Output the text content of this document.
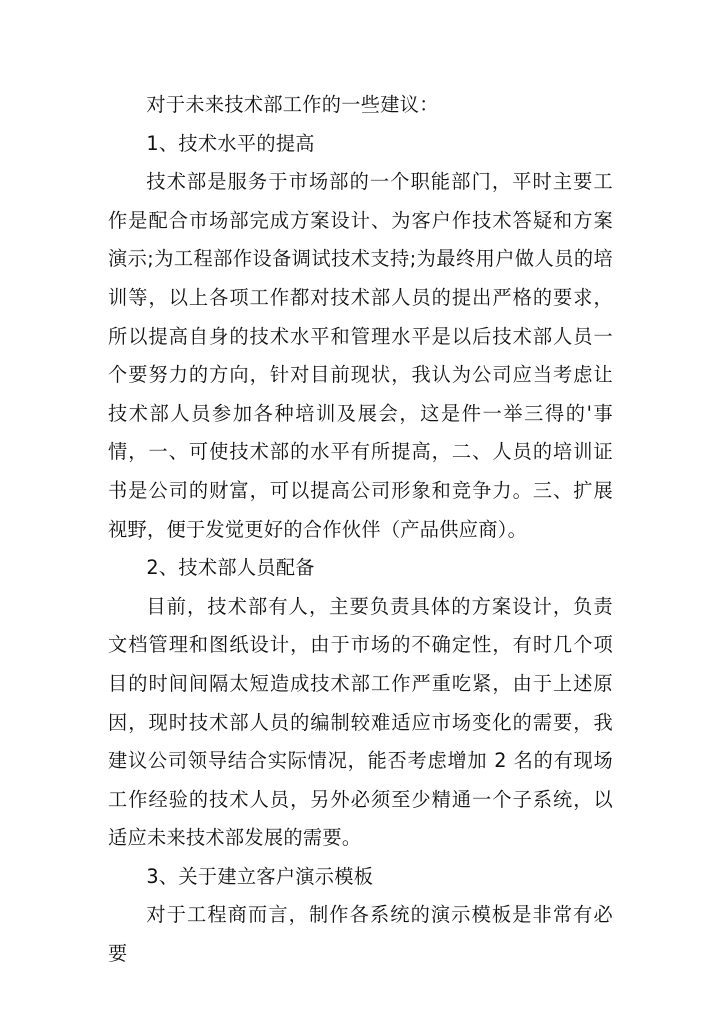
对于未来技术部工作的一些建议：

1、技术水平的提高

技术部是服务于市场部的一个职能部门，平时主要工作是配合市场部完成方案设计、为客户作技术答疑和方案演示;为工程部作设备调试技术支持;为最终用户做人员的培训等，以上各项工作都对技术部人员的提出严格的要求，所以提高自身的技术水平和管理水平是以后技术部人员一个要努力的方向，针对目前现状，我认为公司应当考虑让技术部人员参加各种培训及展会，这是件一举三得的'事情，一、可使技术部的水平有所提高，二、人员的培训证书是公司的财富，可以提高公司形象和竞争力。三、扩展视野，便于发觉更好的合作伙伴（产品供应商）。

2、技术部人员配备

目前，技术部有人，主要负责具体的方案设计，负责文档管理和图纸设计，由于市场的不确定性，有时几个项目的时间间隔太短造成技术部工作严重吃紧，由于上述原因，现时技术部人员的编制较难适应市场变化的需要，我建议公司领导结合实际情况，能否考虑增加 2 名的有现场工作经验的技术人员，另外必须至少精通一个子系统，以适应未来技术部发展的需要。

3、关于建立客户演示模板

对于工程商而言，制作各系统的演示模板是非常有必要
